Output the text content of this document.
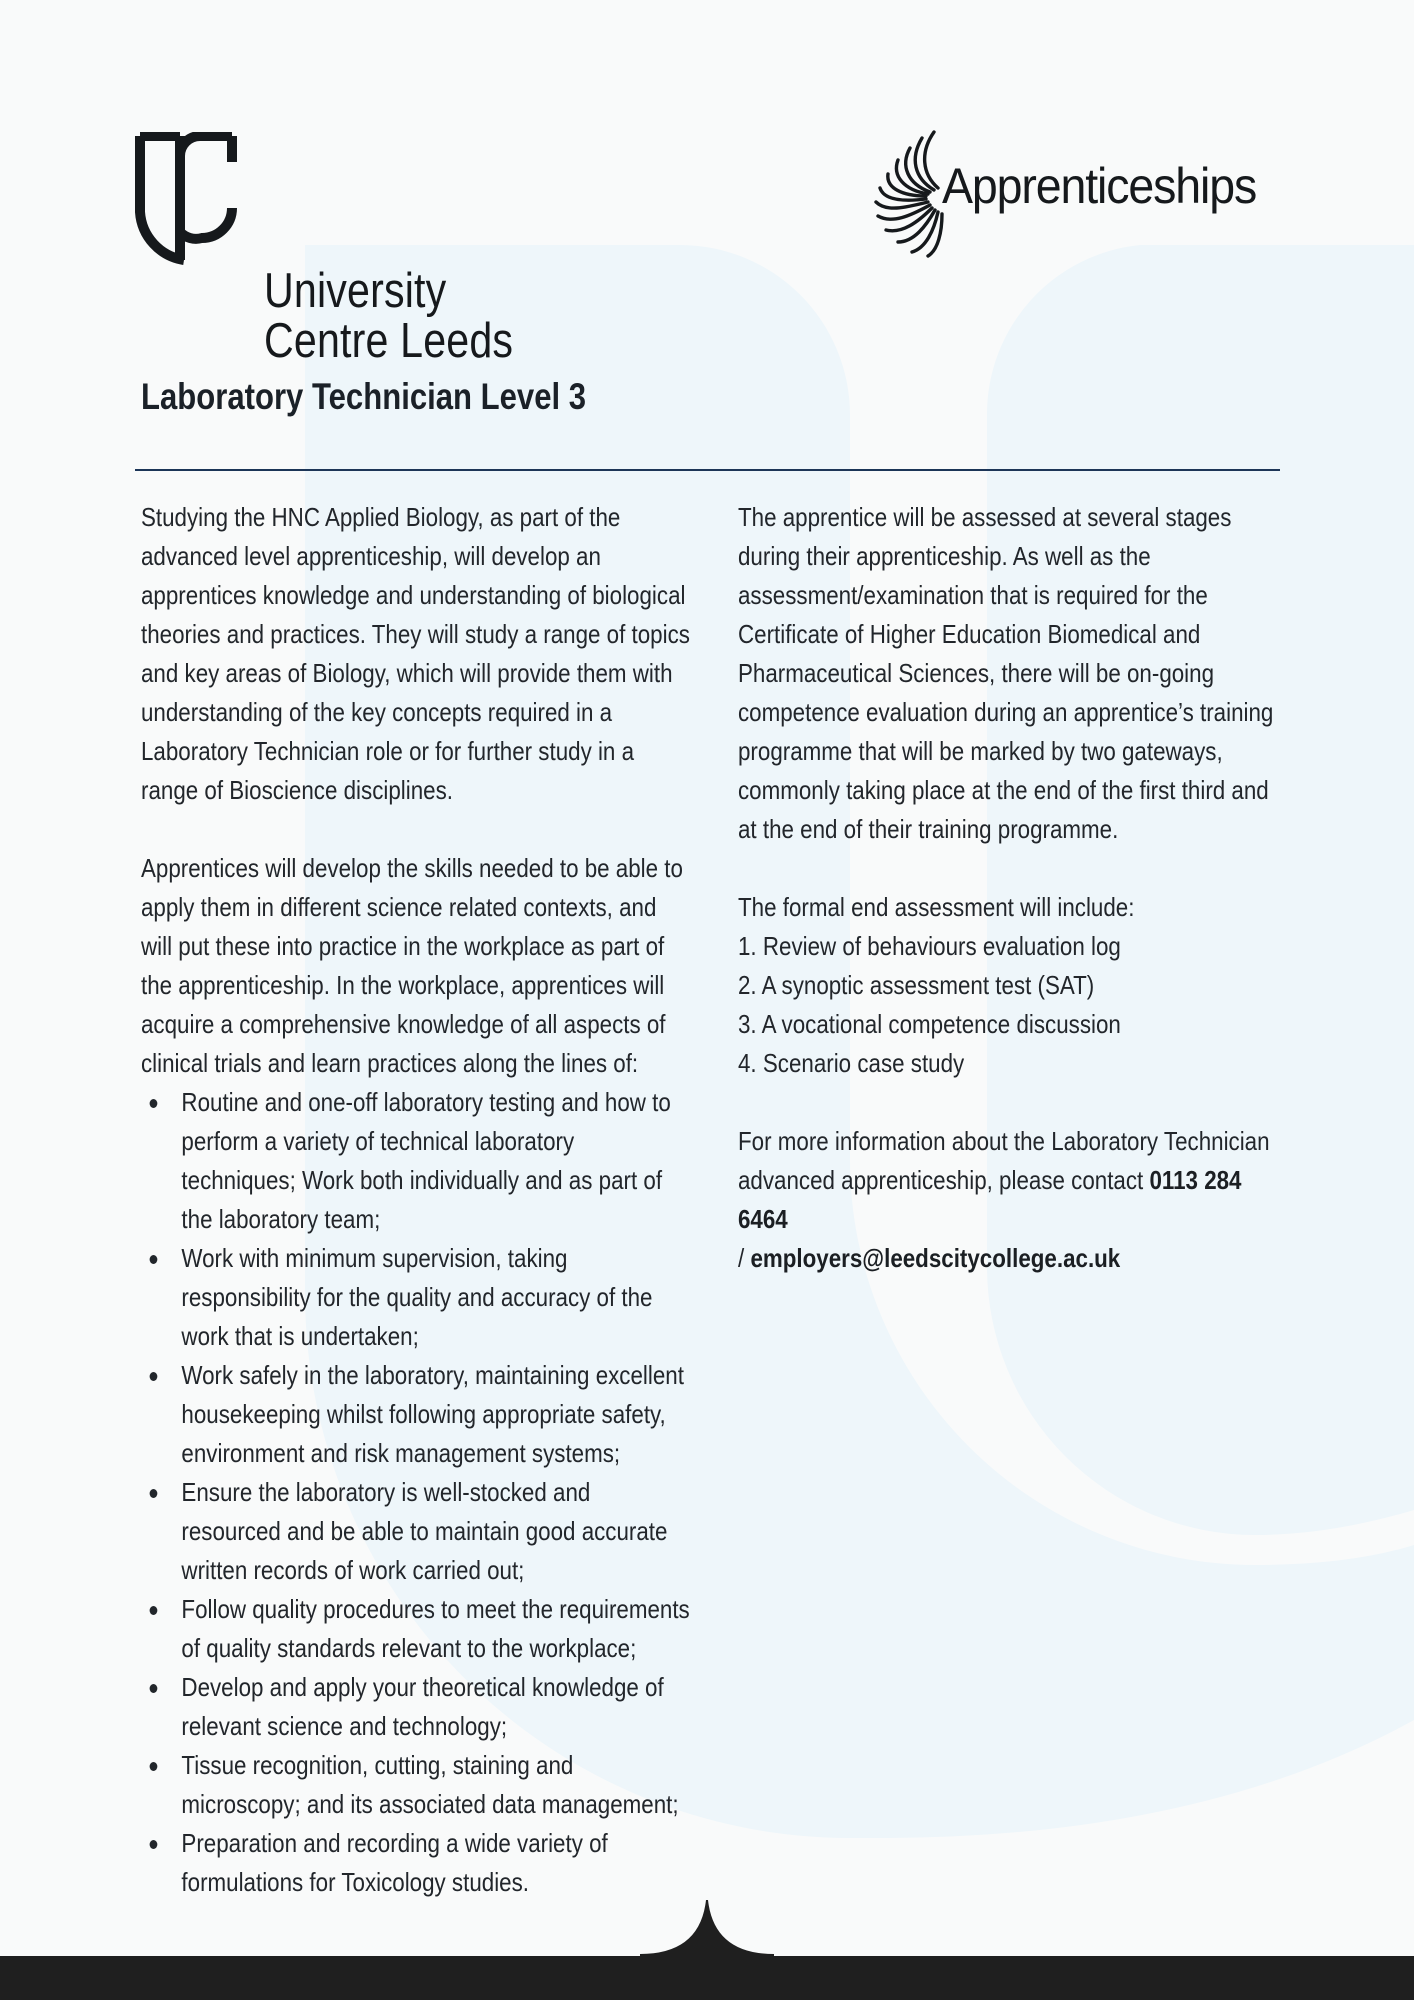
University
Centre Leeds
Apprenticeships
Laboratory Technician Level 3

Studying the HNC Applied Biology, as part of the advanced level apprenticeship, will develop an apprentices knowledge and understanding of biological theories and practices. They will study a range of topics and key areas of Biology, which will provide them with understanding of the key concepts required in a Laboratory Technician role or for further study in a range of Bioscience disciplines.

Apprentices will develop the skills needed to be able to apply them in different science related contexts, and will put these into practice in the workplace as part of the apprenticeship. In the workplace, apprentices will acquire a comprehensive knowledge of all aspects of clinical trials and learn practices along the lines of:

Routine and one-off laboratory testing and how to perform a variety of technical laboratory techniques; Work both individually and as part of the laboratory team;
Work with minimum supervision, taking responsibility for the quality and accuracy of the work that is undertaken;
Work safely in the laboratory, maintaining excellent housekeeping whilst following appropriate safety, environment and risk management systems;
Ensure the laboratory is well-stocked and resourced and be able to maintain good accurate written records of work carried out;
Follow quality procedures to meet the requirements of quality standards relevant to the workplace;
Develop and apply your theoretical knowledge of relevant science and technology;
Tissue recognition, cutting, staining and microscopy; and its associated data management;
Preparation and recording a wide variety of formulations for Toxicology studies.

The apprentice will be assessed at several stages during their apprenticeship. As well as the assessment/examination that is required for the Certificate of Higher Education Biomedical and Pharmaceutical Sciences, there will be on-going competence evaluation during an apprentice’s training programme that will be marked by two gateways, commonly taking place at the end of the first third and at the end of their training programme.

The formal end assessment will include:

1. Review of behaviours evaluation log

2. A synoptic assessment test (SAT)

3. A vocational competence discussion

4. Scenario case study

For more information about the Laboratory Technician advanced apprenticeship, please contact 0113 284 6464
/ employers@leedscitycollege.ac.uk
